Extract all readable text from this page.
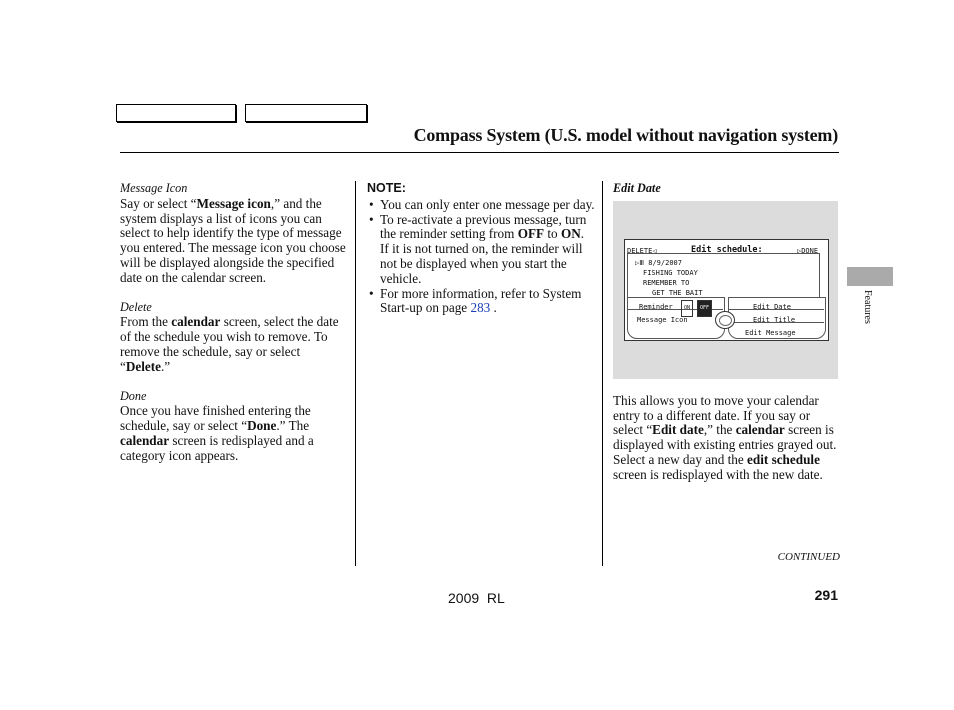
Compass System (U.S. model without navigation system)
Message Icon

Say or select “Message icon,” and the system displays a list of icons you can select to help identify the type of message you entered. The message icon you choose will be displayed alongside the specified date on the calendar screen.

Delete

From the calendar screen, select the date of the schedule you wish to remove. To remove the schedule, say or select “Delete.”

Done

Once you have finished entering the schedule, say or select “Done.” The calendar screen is redisplayed and a category icon appears.

NOTE:
• You can only enter one message per day.
• To re-activate a previous message, turn the reminder setting from OFF to ON. If it is not turned on, the reminder will not be displayed when you start the vehicle.
• For more information, refer to System Start-up on page 283 .
Edit Date
DELETE◁	Edit schedule:	▷DONE
▷Ⅲ 8/9/2007
FISHING TODAY
REMEMBER TO
GET THE BAIT
Reminder	ON	OFF
Message Icon
Edit Date
Edit Title
Edit Message

This allows you to move your calendar entry to a different date. If you say or select “Edit date,” the calendar screen is displayed with existing entries grayed out. Select a new day and the edit schedule screen is redisplayed with the new date.

Features
CONTINUED
2009  RL	291
